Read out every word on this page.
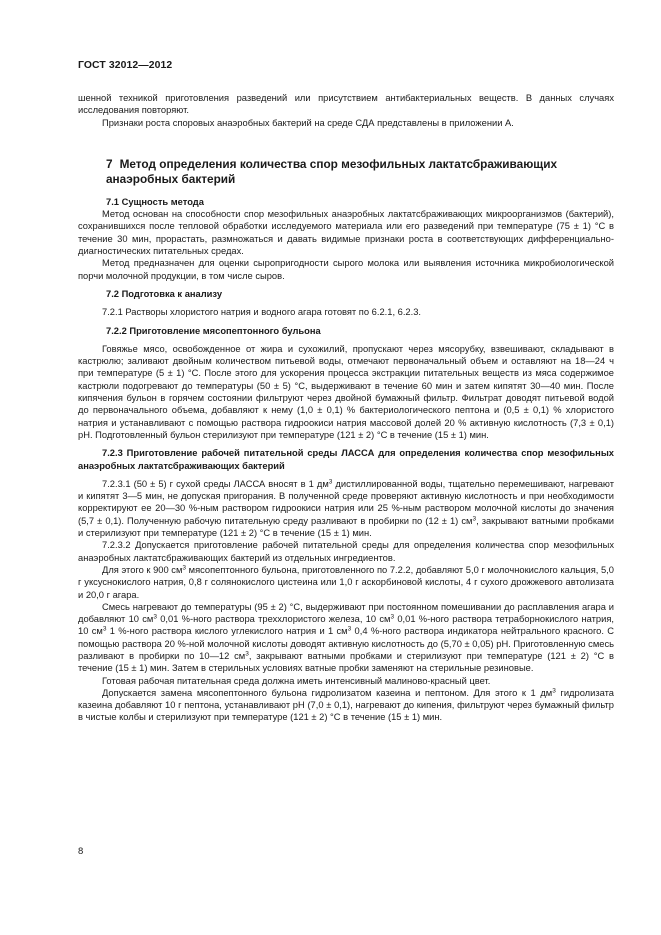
ГОСТ 32012—2012

шенной техникой приготовления разведений или присутствием антибактериальных веществ. В данных случаях исследования повторяют.

Признаки роста споровых анаэробных бактерий на среде СДА представлены в приложении А.

7 Метод определения количества спор мезофильных лактатсбраживающих анаэробных бактерий

7.1 Сущность метода

Метод основан на способности спор мезофильных анаэробных лактатсбраживающих микроорганизмов (бактерий), сохранившихся после тепловой обработки исследуемого материала или его разведений при температуре (75 ± 1) °С в течение 30 мин, прорастать, размножаться и давать видимые признаки роста в соответствующих дифференциально-диагностических питательных средах.

Метод предназначен для оценки сыропригодности сырого молока или выявления источника микробиологической порчи молочной продукции, в том числе сыров.

7.2 Подготовка к анализу

7.2.1 Растворы хлористого натрия и водного агара готовят по 6.2.1, 6.2.3.

7.2.2 Приготовление мясопептонного бульона

Говяжье мясо, освобожденное от жира и сухожилий, пропускают через мясорубку, взвешивают, складывают в кастрюлю; заливают двойным количеством питьевой воды, отмечают первоначальный объем и оставляют на 18—24 ч при температуре (5 ± 1) °С. После этого для ускорения процесса экстракции питательных веществ из мяса содержимое кастрюли подогревают до температуры (50 ± 5) °С, выдерживают в течение 60 мин и затем кипятят 30—40 мин. После кипячения бульон в горячем состоянии фильтруют через двойной бумажный фильтр. Фильтрат доводят питьевой водой до первоначального объема, добавляют к нему (1,0 ± 0,1) % бактериологического пептона и (0,5 ± 0,1) % хлористого натрия и устанавливают с помощью раствора гидроокиси натрия массовой долей 20 % активную кислотность (7,3 ± 0,1) pH. Подготовленный бульон стерилизуют при температуре (121 ± 2) °С в течение (15 ± 1) мин.

7.2.3 Приготовление рабочей питательной среды ЛАССА для определения количества спор мезофильных анаэробных лактатсбраживающих бактерий

7.2.3.1 (50 ± 5) г сухой среды ЛАССА вносят в 1 $дм^3$ дистиллированной воды, тщательно перемешивают, нагревают и кипятят 3—5 мин, не допуская пригорания. В полученной среде проверяют активную кислотность и при необходимости корректируют ее 20—30 %-ным раствором гидроокиси натрия или 25 %-ным раствором молочной кислоты до значения (5,7 ± 0,1). Полученную рабочую питательную среду разливают в пробирки по (12 ± 1) $см^3$, закрывают ватными пробками и стерилизуют при температуре (121 ± 2) °С в течение (15 ± 1) мин.

7.2.3.2 Допускается приготовление рабочей питательной среды для определения количества спор мезофильных анаэробных лактатсбраживающих бактерий из отдельных ингредиентов.

Для этого к 900 $см^3$ мясопептонного бульона, приготовленного по 7.2.2, добавляют 5,0 г молочнокислого кальция, 5,0 г уксуснокислого натрия, 0,8 г солянокислого цистеина или 1,0 г аскорбиновой кислоты, 4 г сухого дрожжевого автолизата и 20,0 г агара.

Смесь нагревают до температуры (95 ± 2) °С, выдерживают при постоянном помешивании до расплавления агара и добавляют 10 $см^3$ 0,01 %-ного раствора треххлористого железа, 10 $см^3$ 0,01 %-ного раствора тетраборнокислого натрия, 10 $см^3$ 1 %-ного раствора кислого углекислого натрия и 1 $см^3$ 0,4 %-ного раствора индикатора нейтрального красного. С помощью раствора 20 %-ной молочной кислоты доводят активную кислотность до (5,70 ± 0,05) pH. Приготовленную смесь разливают в пробирки по 10—12 $см^3$, закрывают ватными пробками и стерилизуют при температуре (121 ± 2) °С в течение (15 ± 1) мин. Затем в стерильных условиях ватные пробки заменяют на стерильные резиновые.

Готовая рабочая питательная среда должна иметь интенсивный малиново-красный цвет.

Допускается замена мясопептонного бульона гидролизатом казеина и пептоном. Для этого к 1 $дм^3$ гидролизата казеина добавляют 10 г пептона, устанавливают pH (7,0 ± 0,1), нагревают до кипения, фильтруют через бумажный фильтр в чистые колбы и стерилизуют при температуре (121 ± 2) °С в течение (15 ± 1) мин.

8
